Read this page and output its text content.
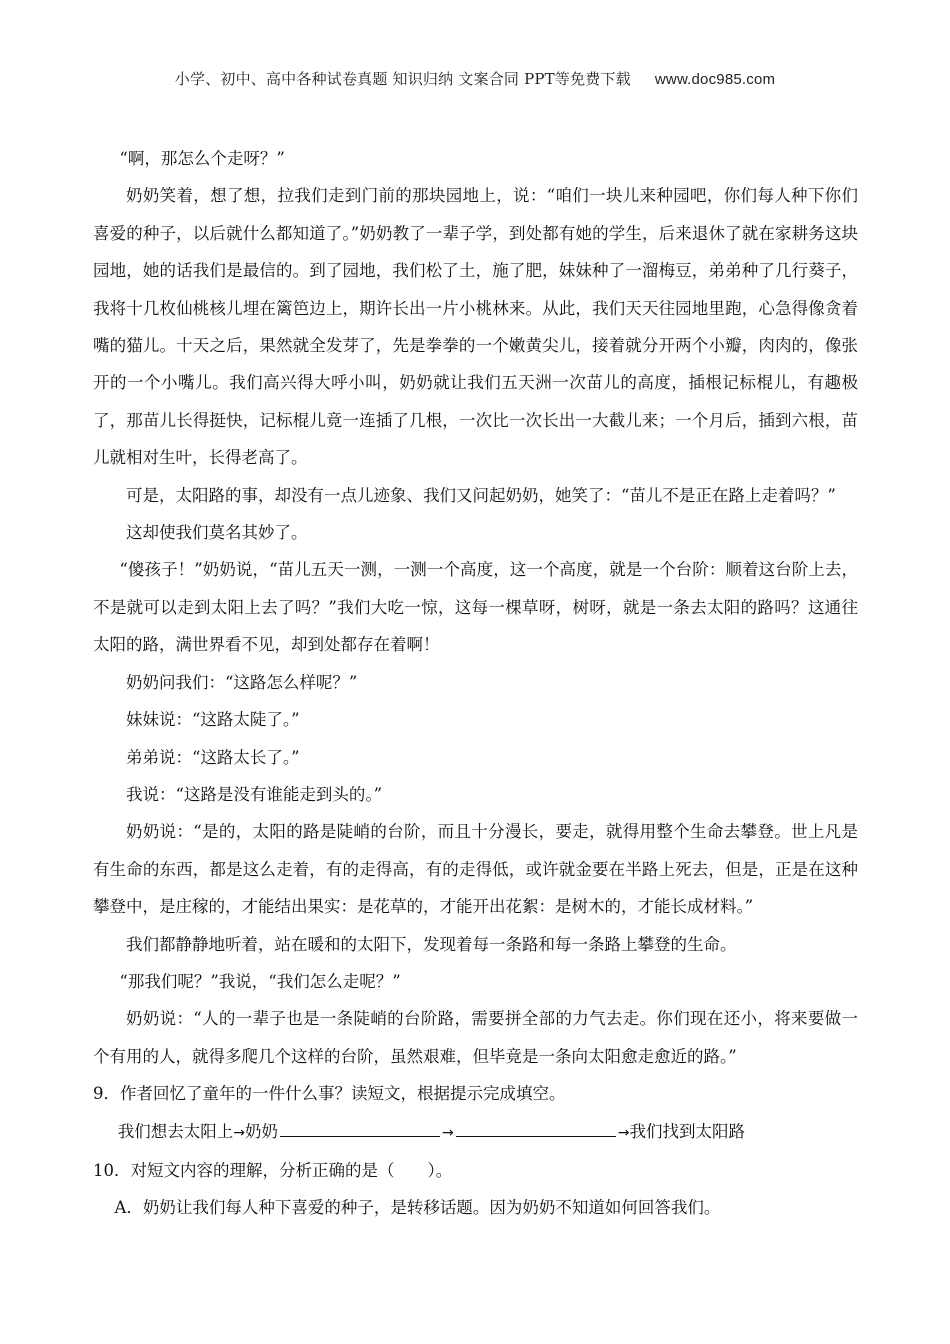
小学、初中、高中各种试卷真题 知识归纳 文案合同 PPT等免费下载 www.doc985.com

“啊，那怎么个走呀？”

奶奶笑着，想了想，拉我们走到门前的那块园地上，说：“咱们一块儿来种园吧，你们每人种下你们喜爱的种子，以后就什么都知道了。”奶奶教了一辈子学，到处都有她的学生，后来退休了就在家耕务这块园地，她的话我们是最信的。到了园地，我们松了土，施了肥，妹妹种了一溜梅豆，弟弟种了几行葵子，我将十几枚仙桃核儿埋在篱笆边上，期许长出一片小桃林来。从此，我们天天往园地里跑，心急得像贪着嘴的猫儿。十天之后，果然就全发芽了，先是拳拳的一个嫩黄尖儿，接着就分开两个小瓣，肉肉的，像张开的一个小嘴儿。我们高兴得大呼小叫，奶奶就让我们五天洲一次苗儿的高度，插根记标棍儿，有趣极了，那苗儿长得挺快，记标棍儿竟一连插了几根，一次比一次长出一大截儿来；一个月后，插到六根，苗儿就相对生叶，长得老高了。

可是，太阳路的事，却没有一点儿迹象、我们又问起奶奶，她笑了：“苗儿不是正在路上走着吗？”

这却使我们莫名其妙了。

“傻孩子！”奶奶说，“苗儿五天一测，一测一个高度，这一个高度，就是一个台阶：顺着这台阶上去，不是就可以走到太阳上去了吗？”我们大吃一惊，这每一棵草呀，树呀，就是一条去太阳的路吗？这通往太阳的路，满世界看不见，却到处都存在着啊！

奶奶问我们：“这路怎么样呢？”

妹妹说：“这路太陡了。”

弟弟说：“这路太长了。”

我说：“这路是没有谁能走到头的。”

奶奶说：“是的，太阳的路是陡峭的台阶，而且十分漫长，要走，就得用整个生命去攀登。世上凡是有生命的东西，都是这么走着，有的走得高，有的走得低，或许就金要在半路上死去，但是，正是在这种攀登中，是庄稼的，才能结出果实：是花草的，才能开出花絮：是树木的，才能长成材料。”

我们都静静地听着，站在暖和的太阳下，发现着每一条路和每一条路上攀登的生命。

“那我们呢？”我说，“我们怎么走呢？”

奶奶说：“人的一辈子也是一条陡峭的台阶路，需要拼全部的力气去走。你们现在还小，将来要做一个有用的人，就得多爬几个这样的台阶，虽然艰难，但毕竟是一条向太阳愈走愈近的路。”

9．作者回忆了童年的一件什么事？读短文，根据提示完成填空。

我们想去太阳上→奶奶	→	→我们找到太阳路

10．对短文内容的理解，分析正确的是（　　）。

A．奶奶让我们每人种下喜爱的种子，是转移话题。因为奶奶不知道如何回答我们。
